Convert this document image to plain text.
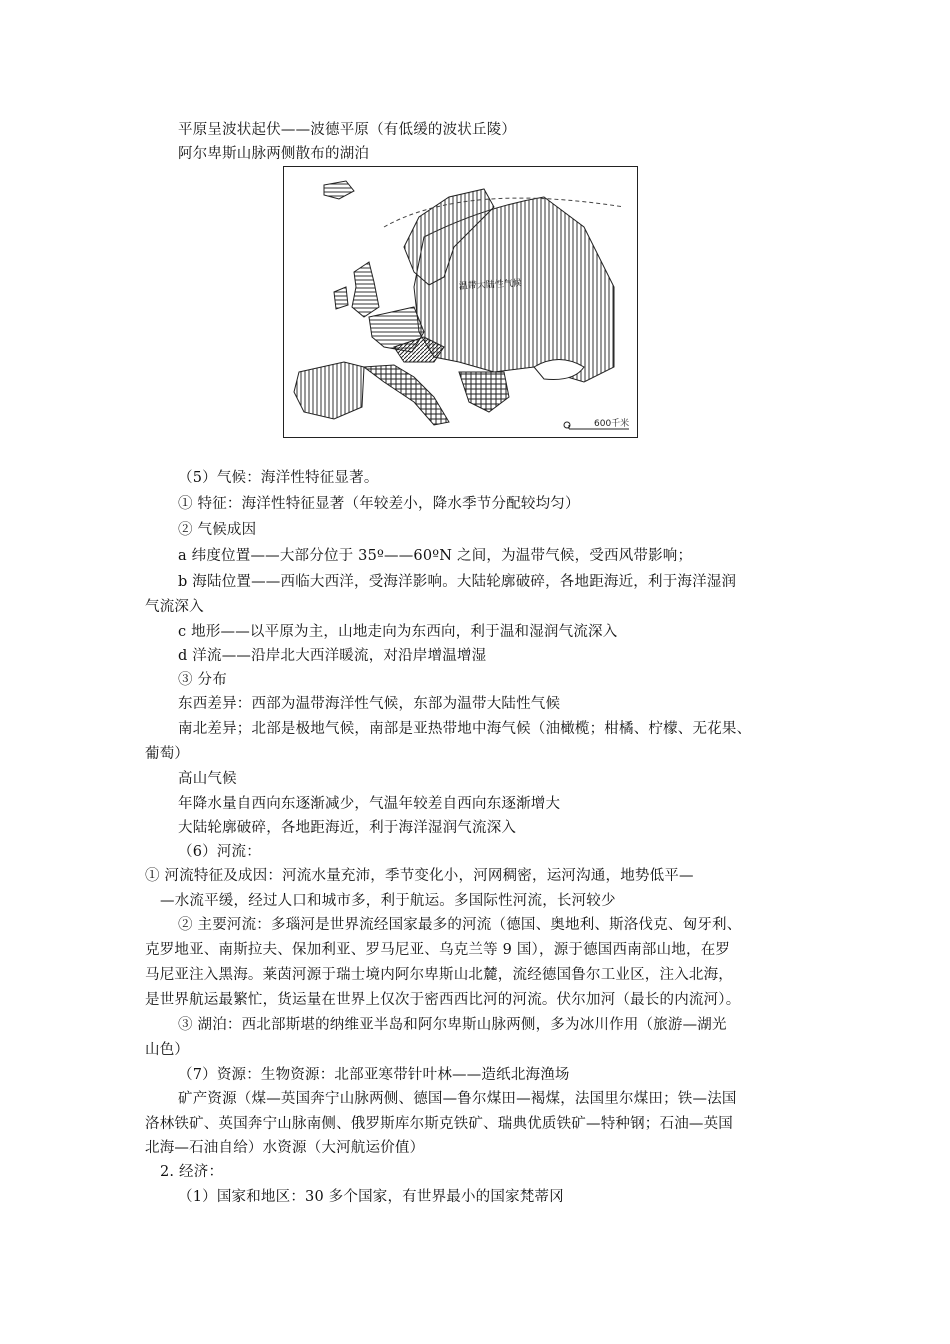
平原呈波状起伏——波德平原（有低缓的波状丘陵）
阿尔卑斯山脉两侧散布的湖泊
温带大陆性气候
600千米
（5）气候：海洋性特征显著。
① 特征：海洋性特征显著（年较差小，降水季节分配较均匀）
② 气候成因
a 纬度位置——大部分位于 35º——60ºN 之间，为温带气候，受西风带影响；
b 海陆位置——西临大西洋，受海洋影响。大陆轮廓破碎，各地距海近，利于海洋湿润
气流深入
c 地形——以平原为主，山地走向为东西向，利于温和湿润气流深入
d 洋流——沿岸北大西洋暖流，对沿岸增温增湿
③ 分布
东西差异：西部为温带海洋性气候，东部为温带大陆性气候
南北差异；北部是极地气候，南部是亚热带地中海气候（油橄榄；柑橘、柠檬、无花果、
葡萄）
高山气候
年降水量自西向东逐渐减少，气温年较差自西向东逐渐增大
大陆轮廓破碎，各地距海近，利于海洋湿润气流深入
（6）河流：
① 河流特征及成因：河流水量充沛，季节变化小，河网稠密，运河沟通，地势低平—
—水流平缓，经过人口和城市多，利于航运。多国际性河流，长河较少
② 主要河流：多瑙河是世界流经国家最多的河流（德国、奥地利、斯洛伐克、匈牙利、
克罗地亚、南斯拉夫、保加利亚、罗马尼亚、乌克兰等 9 国），源于德国西南部山地，在罗
马尼亚注入黑海。莱茵河源于瑞士境内阿尔卑斯山北麓，流经德国鲁尔工业区，注入北海，
是世界航运最繁忙，货运量在世界上仅次于密西西比河的河流。伏尔加河（最长的内流河）。
③ 湖泊：西北部斯堪的纳维亚半岛和阿尔卑斯山脉两侧，多为冰川作用（旅游—湖光
山色）
（7）资源：生物资源：北部亚寒带针叶林——造纸北海渔场
矿产资源（煤—英国奔宁山脉两侧、德国—鲁尔煤田—褐煤，法国里尔煤田；铁—法国
洛林铁矿、英国奔宁山脉南侧、俄罗斯库尔斯克铁矿、瑞典优质铁矿—特种钢；石油—英国
北海—石油自给）水资源（大河航运价值）
2. 经济：
（1）国家和地区：30 多个国家，有世界最小的国家梵蒂冈
